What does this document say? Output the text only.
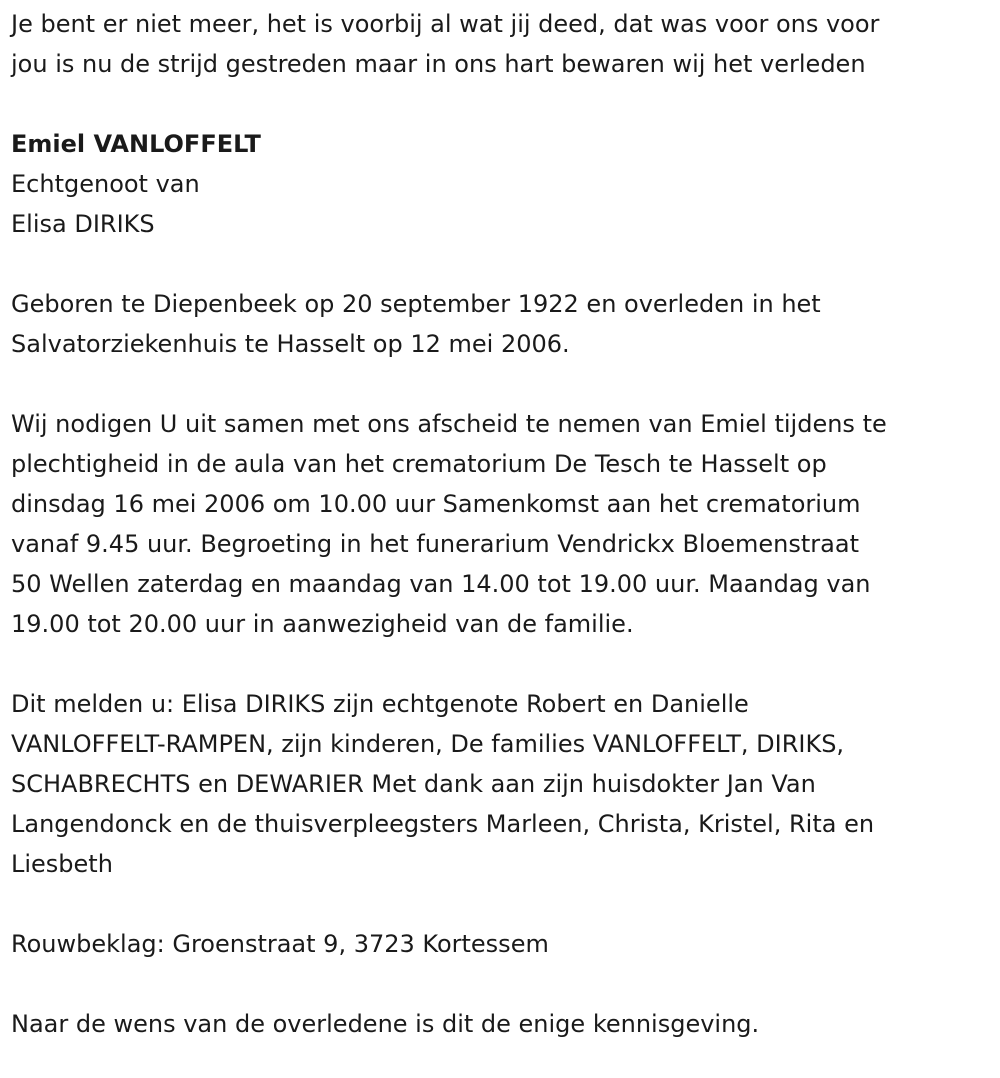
Je bent er niet meer, het is voorbij al wat jij deed, dat was voor ons voor
jou is nu de strijd gestreden maar in ons hart bewaren wij het verleden
Emiel VANLOFFELT
Echtgenoot van
Elisa DIRIKS
Geboren te Diepenbeek op 20 september 1922 en overleden in het
Salvatorziekenhuis te Hasselt op 12 mei 2006.
Wij nodigen U uit samen met ons afscheid te nemen van Emiel tijdens te
plechtigheid in de aula van het crematorium De Tesch te Hasselt op
dinsdag 16 mei 2006 om 10.00 uur Samenkomst aan het crematorium
vanaf 9.45 uur. Begroeting in het funerarium Vendrickx Bloemenstraat
50 Wellen zaterdag en maandag van 14.00 tot 19.00 uur. Maandag van
19.00 tot 20.00 uur in aanwezigheid van de familie.
Dit melden u: Elisa DIRIKS zijn echtgenote Robert en Danielle
VANLOFFELT-RAMPEN, zijn kinderen, De families VANLOFFELT, DIRIKS,
SCHABRECHTS en DEWARIER Met dank aan zijn huisdokter Jan Van
Langendonck en de thuisverpleegsters Marleen, Christa, Kristel, Rita en
Liesbeth
Rouwbeklag: Groenstraat 9, 3723 Kortessem
Naar de wens van de overledene is dit de enige kennisgeving.
